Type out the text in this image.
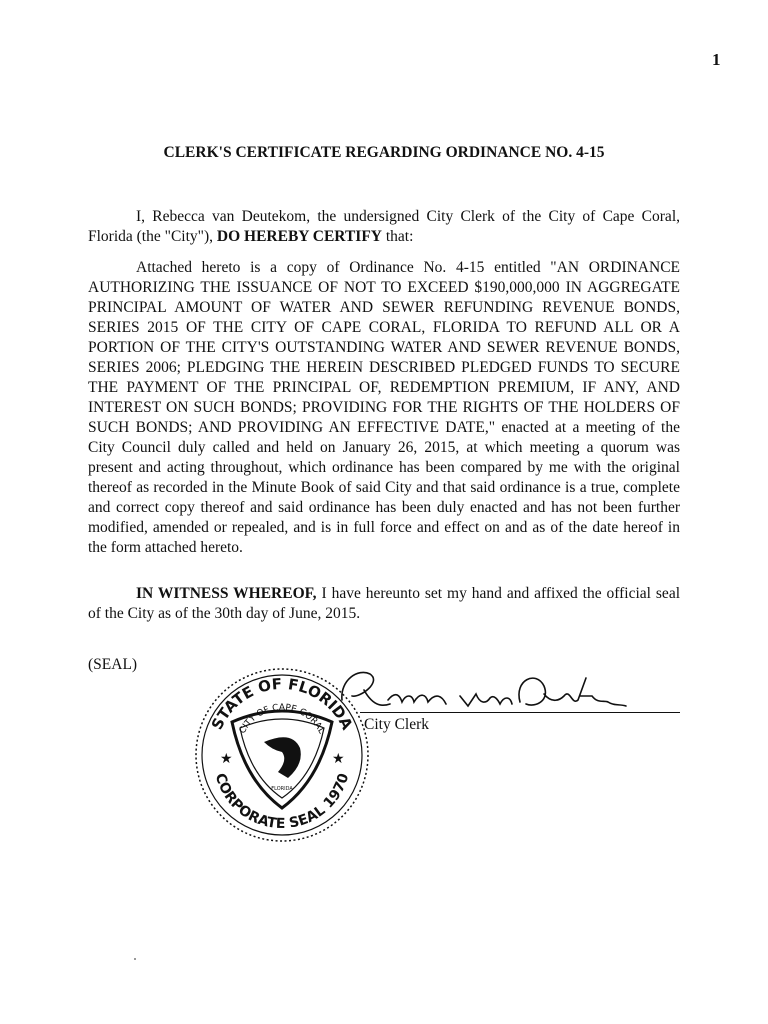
1
CLERK'S CERTIFICATE REGARDING ORDINANCE NO. 4-15

I, Rebecca van Deutekom, the undersigned City Clerk of the City of Cape Coral, Florida (the "City"), DO HEREBY CERTIFY that:

Attached hereto is a copy of Ordinance No. 4-15 entitled "AN ORDINANCE AUTHORIZING THE ISSUANCE OF NOT TO EXCEED $190,000,000 IN AGGREGATE PRINCIPAL AMOUNT OF WATER AND SEWER REFUNDING REVENUE BONDS, SERIES 2015 OF THE CITY OF CAPE CORAL, FLORIDA TO REFUND ALL OR A PORTION OF THE CITY'S OUTSTANDING WATER AND SEWER REVENUE BONDS, SERIES 2006; PLEDGING THE HEREIN DESCRIBED PLEDGED FUNDS TO SECURE THE PAYMENT OF THE PRINCIPAL OF, REDEMPTION PREMIUM, IF ANY, AND INTEREST ON SUCH BONDS; PROVIDING FOR THE RIGHTS OF THE HOLDERS OF SUCH BONDS; AND PROVIDING AN EFFECTIVE DATE," enacted at a meeting of the City Council duly called and held on January 26, 2015, at which meeting a quorum was present and acting throughout, which ordinance has been compared by me with the original thereof as recorded in the Minute Book of said City and that said ordinance is a true, complete and correct copy thereof and said ordinance has been duly enacted and has not been further modified, amended or repealed, and is in full force and effect on and as of the date hereof in the form attached hereto.

IN WITNESS WHEREOF, I have hereunto set my hand and affixed the official seal of the City as of the 30th day of June, 2015.

(SEAL)
STATE OF FLORIDA
CORPORATE SEAL 1970
★	★
CITY OF CAPE CORAL
FLORIDA
City Clerk
